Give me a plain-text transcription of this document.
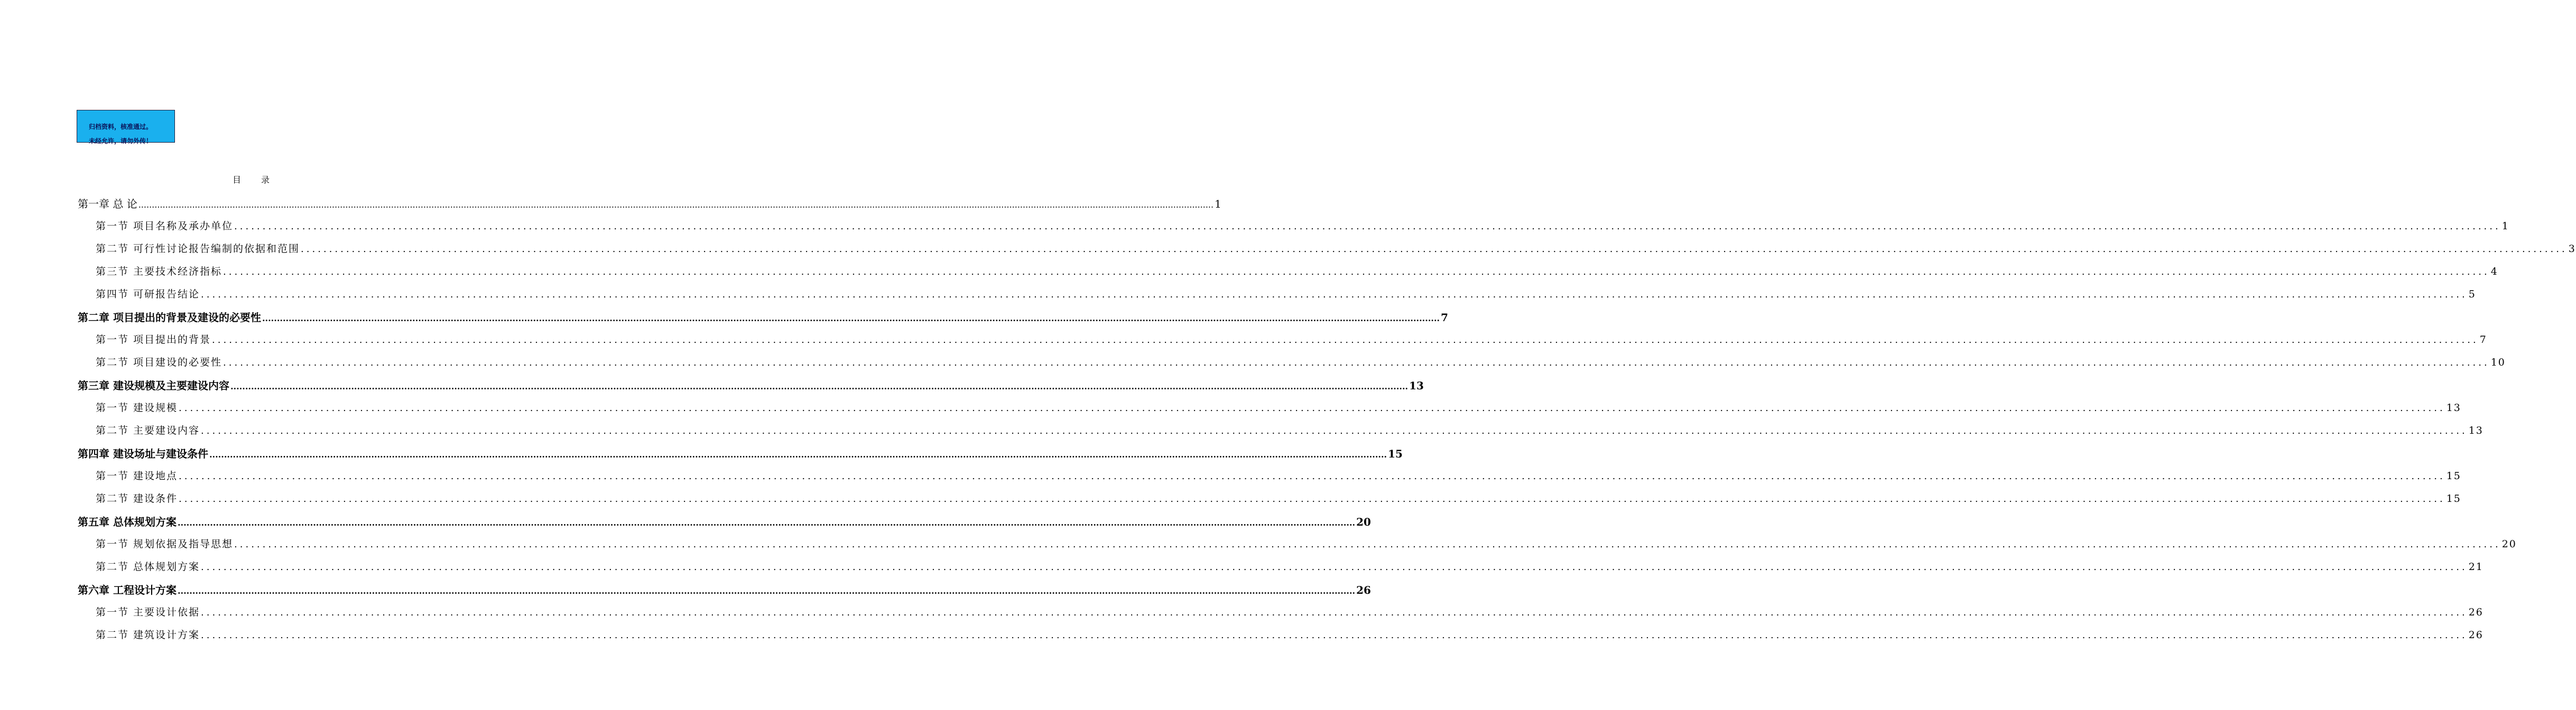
归档资料，核准通过。
未经允许，请勿外传！
目 录
第一章 总 论 ................................................................................................................................................................................................................................................................................................................................................................................................................ 1
第一节 项目名称及承办单位 ................................................................................................................................................................................................................................................................................................................................................................................................................ 1
第二节 可行性讨论报告编制的依据和范围 ................................................................................................................................................................................................................................................................................................................................................................................................................ 3
第三节 主要技术经济指标 ................................................................................................................................................................................................................................................................................................................................................................................................................ 4
第四节 可研报告结论 ................................................................................................................................................................................................................................................................................................................................................................................................................ 5
第二章 项目提出的背景及建设的必要性 ................................................................................................................................................................................................................................................................................................................................................................................................................ 7
第一节 项目提出的背景 ................................................................................................................................................................................................................................................................................................................................................................................................................ 7
第二节 项目建设的必要性 ................................................................................................................................................................................................................................................................................................................................................................................................................ 10
第三章 建设规模及主要建设内容 ................................................................................................................................................................................................................................................................................................................................................................................................................ 13
第一节 建设规模 ................................................................................................................................................................................................................................................................................................................................................................................................................ 13
第二节 主要建设内容 ................................................................................................................................................................................................................................................................................................................................................................................................................ 13
第四章 建设场址与建设条件 ................................................................................................................................................................................................................................................................................................................................................................................................................ 15
第一节 建设地点 ................................................................................................................................................................................................................................................................................................................................................................................................................ 15
第二节 建设条件 ................................................................................................................................................................................................................................................................................................................................................................................................................ 15
第五章 总体规划方案 ................................................................................................................................................................................................................................................................................................................................................................................................................ 20
第一节 规划依据及指导思想 ................................................................................................................................................................................................................................................................................................................................................................................................................ 20
第二节 总体规划方案 ................................................................................................................................................................................................................................................................................................................................................................................................................ 21
第六章 工程设计方案 ................................................................................................................................................................................................................................................................................................................................................................................................................ 26
第一节 主要设计依据 ................................................................................................................................................................................................................................................................................................................................................................................................................ 26
第二节 建筑设计方案 ................................................................................................................................................................................................................................................................................................................................................................................................................ 26
